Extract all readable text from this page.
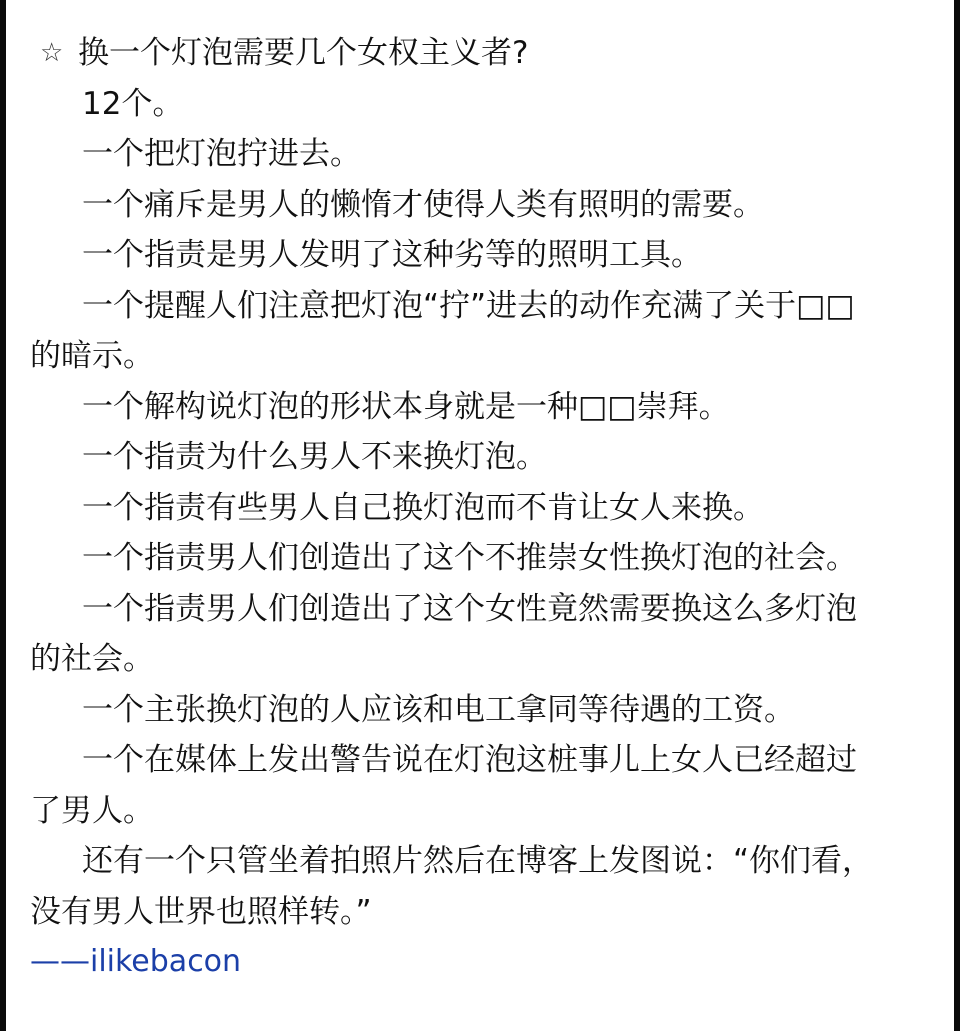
☆ 换一个灯泡需要几个女权主义者?
12个。
一个把灯泡拧进去。
一个痛斥是男人的懒惰才使得人类有照明的需要。
一个指责是男人发明了这种劣等的照明工具。
一个提醒人们注意把灯泡“拧”进去的动作充满了关于□□
的暗示。
一个解构说灯泡的形状本身就是一种□□崇拜。
一个指责为什么男人不来换灯泡。
一个指责有些男人自己换灯泡而不肯让女人来换。
一个指责男人们创造出了这个不推崇女性换灯泡的社会。
一个指责男人们创造出了这个女性竟然需要换这么多灯泡
的社会。
一个主张换灯泡的人应该和电工拿同等待遇的工资。
一个在媒体上发出警告说在灯泡这桩事儿上女人已经超过
了男人。
还有一个只管坐着拍照片然后在博客上发图说：“你们看，
没有男人世界也照样转。”
——ilikebacon
